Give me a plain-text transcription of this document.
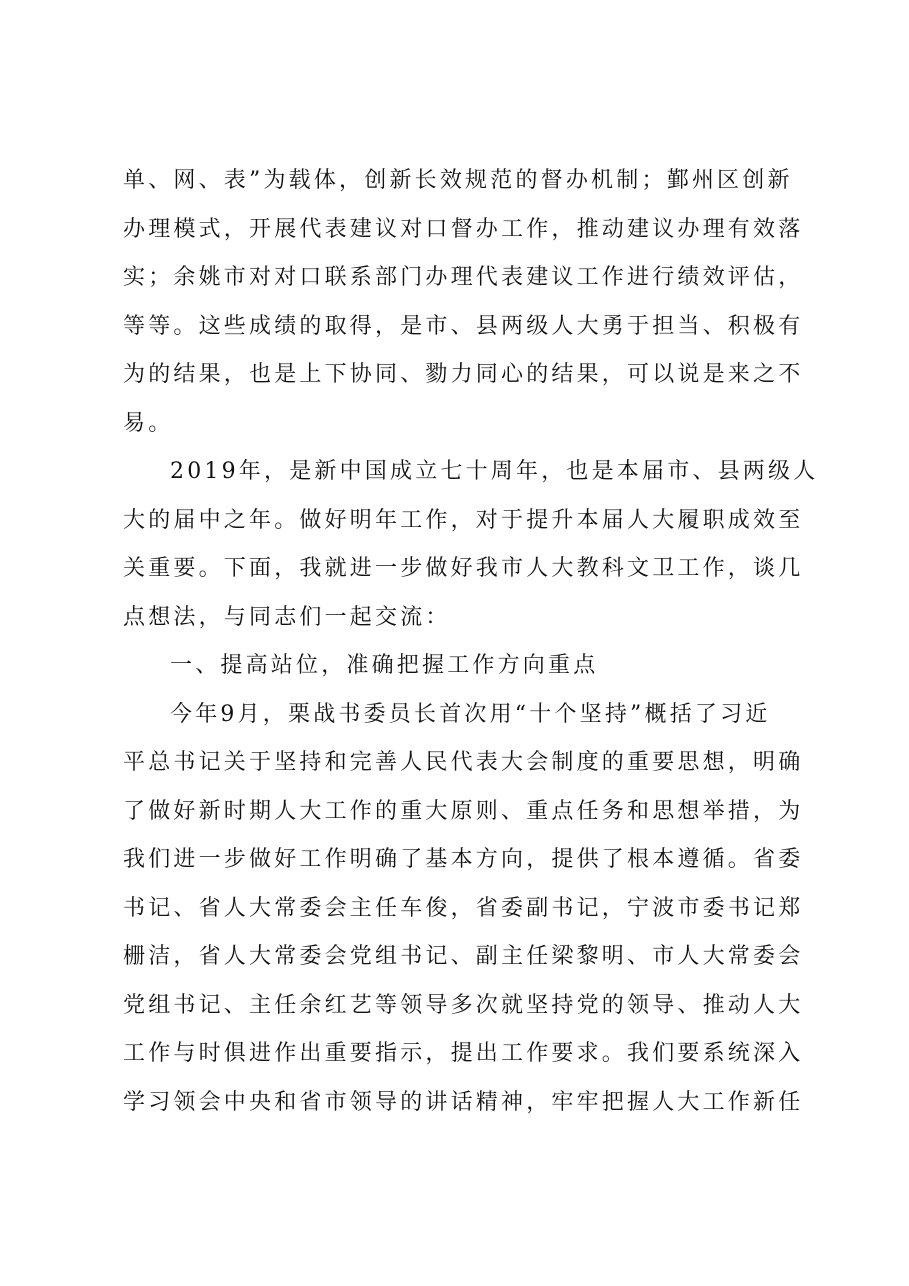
单、网、表”为载体，创新长效规范的督办机制；鄞州区创新
办理模式，开展代表建议对口督办工作，推动建议办理有效落
实；余姚市对对口联系部门办理代表建议工作进行绩效评估，
等等。这些成绩的取得，是市、县两级人大勇于担当、积极有
为的结果，也是上下协同、勠力同心的结果，可以说是来之不
易。
2019年，是新中国成立七十周年，也是本届市、县两级人
大的届中之年。做好明年工作，对于提升本届人大履职成效至
关重要。下面，我就进一步做好我市人大教科文卫工作，谈几
点想法，与同志们一起交流：
一、提高站位，准确把握工作方向重点
今年9月，栗战书委员长首次用“十个坚持”概括了习近
平总书记关于坚持和完善人民代表大会制度的重要思想，明确
了做好新时期人大工作的重大原则、重点任务和思想举措，为
我们进一步做好工作明确了基本方向，提供了根本遵循。省委
书记、省人大常委会主任车俊，省委副书记，宁波市委书记郑
栅洁，省人大常委会党组书记、副主任梁黎明、市人大常委会
党组书记、主任余红艺等领导多次就坚持党的领导、推动人大
工作与时俱进作出重要指示，提出工作要求。我们要系统深入
学习领会中央和省市领导的讲话精神，牢牢把握人大工作新任
